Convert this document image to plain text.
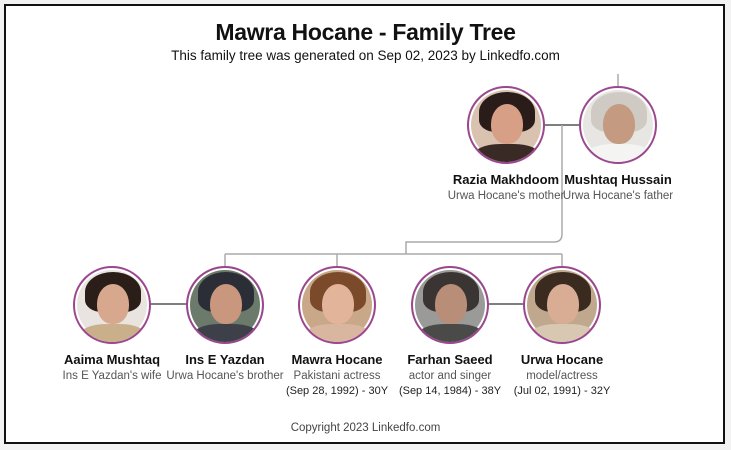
Mawra Hocane - Family Tree
This family tree was generated on Sep 02, 2023 by Linkedfo.com
Razia Makhdoom
Urwa Hocane's mother
Mushtaq Hussain
Urwa Hocane's father
Aaima Mushtaq
Ins E Yazdan's wife
Ins E Yazdan
Urwa Hocane's brother
Mawra Hocane
Pakistani actress
(Sep 28, 1992) - 30Y
Farhan Saeed
actor and singer
(Sep 14, 1984) - 38Y
Urwa Hocane
model/actress
(Jul 02, 1991) - 32Y
Copyright 2023 Linkedfo.com
